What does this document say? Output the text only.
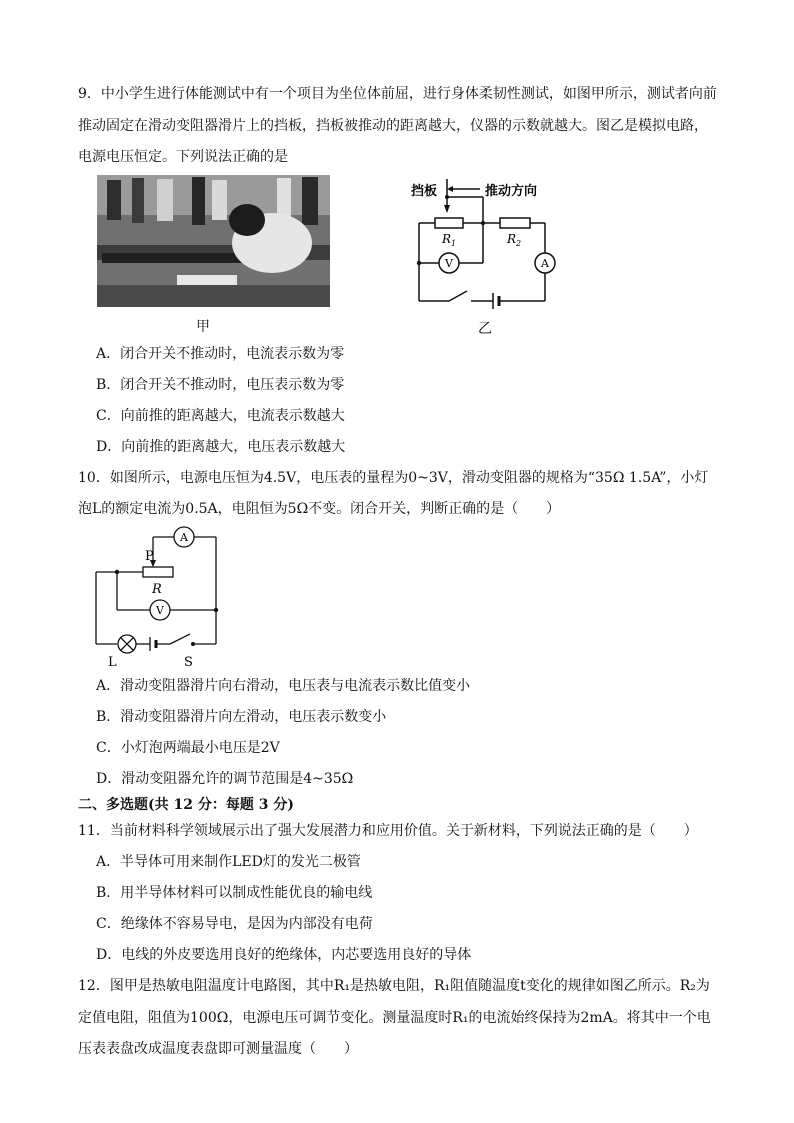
9．中小学生进行体能测试中有一个项目为坐位体前屈，进行身体柔韧性测试，如图甲所示，测试者向前
推动固定在滑动变阻器滑片上的挡板，挡板被推动的距离越大，仪器的示数就越大。图乙是模拟电路，
电源电压恒定。下列说法正确的是
甲
挡板	推动方向
$R_1$	$R_2$
V	A
乙
A．闭合开关不推动时，电流表示数为零
B．闭合开关不推动时，电压表示数为零
C．向前推的距离越大，电流表示数越大
D．向前推的距离越大，电压表示数越大
10．如图所示，电源电压恒为4.5V，电压表的量程为0~3V，滑动变阻器的规格为“35Ω 1.5A”，小灯
泡L的额定电流为0.5A，电阻恒为5Ω不变。闭合开关，判断正确的是（　　）
P
R
A
V
L	S
A．滑动变阻器滑片向右滑动，电压表与电流表示数比值变小
B．滑动变阻器滑片向左滑动，电压表示数变小
C．小灯泡两端最小电压是2V
D．滑动变阻器允许的调节范围是4~35Ω
二、多选题(共 12 分：每题 3 分)
11．当前材料科学领域展示出了强大发展潜力和应用价值。关于新材料，下列说法正确的是（　　）
A．半导体可用来制作LED灯的发光二极管
B．用半导体材料可以制成性能优良的输电线
C．绝缘体不容易导电，是因为内部没有电荷
D．电线的外皮要选用良好的绝缘体，内芯要选用良好的导体
12．图甲是热敏电阻温度计电路图，其中R₁是热敏电阻，R₁阻值随温度t变化的规律如图乙所示。R₂为
定值电阻，阻值为100Ω，电源电压可调节变化。测量温度时R₁的电流始终保持为2mA。将其中一个电
压表表盘改成温度表盘即可测量温度（　　）
